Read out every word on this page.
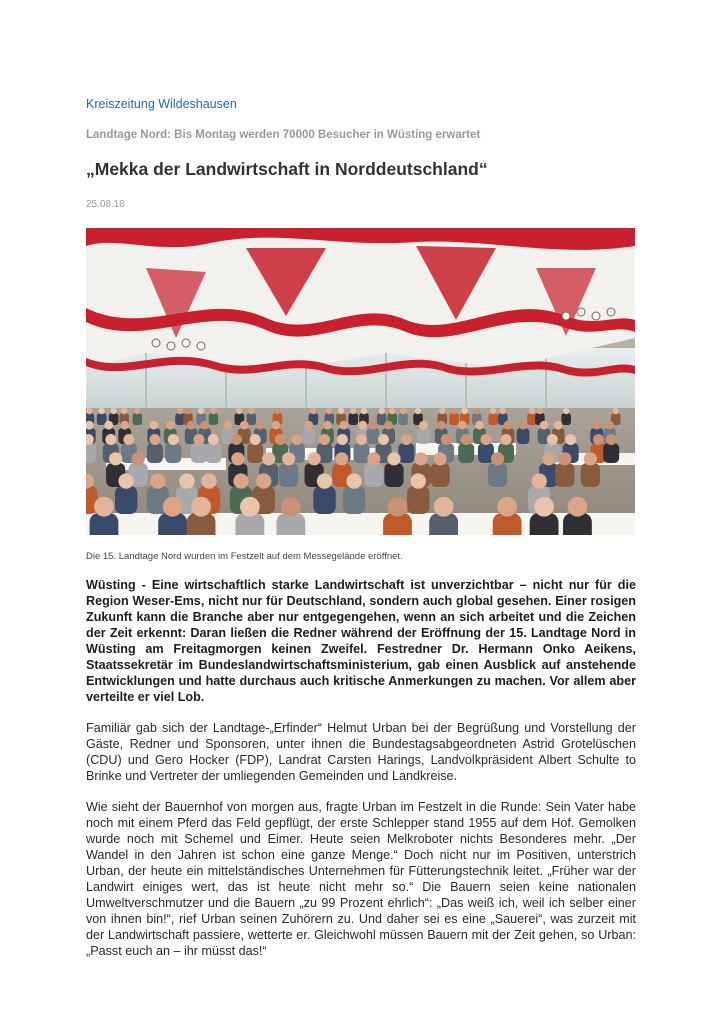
Kreiszeitung Wildeshausen
Landtage Nord: Bis Montag werden 70000 Besucher in Wüsting erwartet
„Mekka der Landwirtschaft in Norddeutschland“
25.08.18
Die 15. Landtage Nord wurden im Festzelt auf dem Messegelände eröffnet.

Wüsting - Eine wirtschaftlich starke Landwirtschaft ist unverzichtbar – nicht nur für die Region Weser-Ems, nicht nur für Deutschland, sondern auch global gesehen. Einer rosigen Zukunft kann die Branche aber nur entgegengehen, wenn an sich arbeitet und die Zeichen der Zeit erkennt: Daran ließen die Redner während der Eröffnung der 15. Landtage Nord in Wüsting am Freitagmorgen keinen Zweifel. Festredner Dr. Hermann Onko Aeikens, Staatssekretär im Bundeslandwirtschaftsministerium, gab einen Ausblick auf anstehende Entwicklungen und hatte durchaus auch kritische Anmerkungen zu machen. Vor allem aber verteilte er viel Lob.

Familiär gab sich der Landtage-„Erfinder“ Helmut Urban bei der Begrüßung und Vorstellung der Gäste, Redner und Sponsoren, unter ihnen die Bundestagsabgeordneten Astrid Grotelüschen (CDU) und Gero Hocker (FDP), Landrat Carsten Harings, Landvolkpräsident Albert Schulte to Brinke und Vertreter der umliegenden Gemeinden und Landkreise.

Wie sieht der Bauernhof von morgen aus, fragte Urban im Festzelt in die Runde: Sein Vater habe noch mit einem Pferd das Feld gepflügt, der erste Schlepper stand 1955 auf dem Hof. Gemolken wurde noch mit Schemel und Eimer. Heute seien Melkroboter nichts Besonderes mehr. „Der Wandel in den Jahren ist schon eine ganze Menge.“ Doch nicht nur im Positiven, unterstrich Urban, der heute ein mittelständisches Unternehmen für Fütterungstechnik leitet. „Früher war der Landwirt einiges wert, das ist heute nicht mehr so.“ Die Bauern seien keine nationalen Umweltverschmutzer und die Bauern „zu 99 Prozent ehrlich“: „Das weiß ich, weil ich selber einer von ihnen bin!“, rief Urban seinen Zuhörern zu. Und daher sei es eine „Sauerei“, was zurzeit mit der Landwirtschaft passiere, wetterte er. Gleichwohl müssen Bauern mit der Zeit gehen, so Urban: „Passt euch an – ihr müsst das!“
